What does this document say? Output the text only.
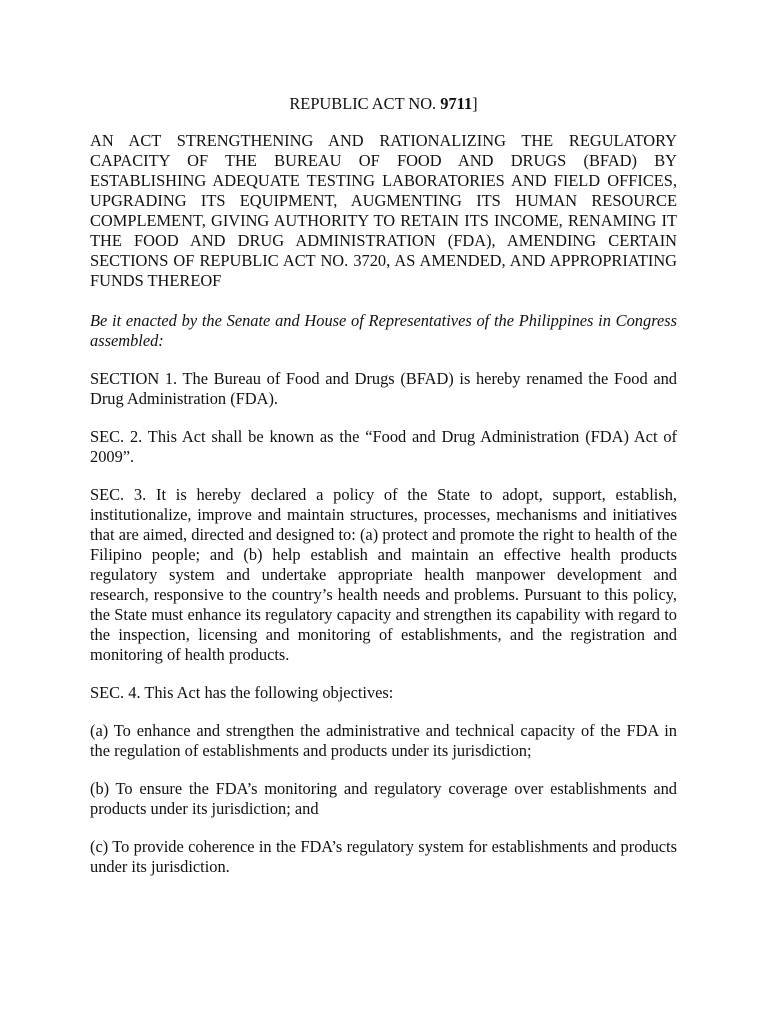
REPUBLIC ACT NO. 9711]

AN ACT STRENGTHENING AND RATIONALIZING THE REGULATORY CAPACITY OF THE BUREAU OF FOOD AND DRUGS (BFAD) BY ESTABLISHING ADEQUATE TESTING LABORATORIES AND FIELD OFFICES, UPGRADING ITS EQUIPMENT, AUGMENTING ITS HUMAN RESOURCE COMPLEMENT, GIVING AUTHORITY TO RETAIN ITS INCOME, RENAMING IT THE FOOD AND DRUG ADMINISTRATION (FDA), AMENDING CERTAIN SECTIONS OF REPUBLIC ACT NO. 3720, AS AMENDED, AND APPROPRIATING FUNDS THEREOF

Be it enacted by the Senate and House of Representatives of the Philippines in Congress assembled:

SECTION 1. The Bureau of Food and Drugs (BFAD) is hereby renamed the Food and Drug Administration (FDA).

SEC. 2. This Act shall be known as the “Food and Drug Administration (FDA) Act of 2009”.

SEC. 3. It is hereby declared a policy of the State to adopt, support, establish, institutionalize, improve and maintain structures, processes, mechanisms and initiatives that are aimed, directed and designed to: (a) protect and promote the right to health of the Filipino people; and (b) help establish and maintain an effective health products regulatory system and undertake appropriate health manpower development and research, responsive to the country’s health needs and problems. Pursuant to this policy, the State must enhance its regulatory capacity and strengthen its capability with regard to the inspection, licensing and monitoring of establishments, and the registration and monitoring of health products.

SEC. 4. This Act has the following objectives:

(a) To enhance and strengthen the administrative and technical capacity of the FDA in the regulation of establishments and products under its jurisdiction;

(b) To ensure the FDA’s monitoring and regulatory coverage over establishments and products under its jurisdiction; and

(c) To provide coherence in the FDA’s regulatory system for establishments and products under its jurisdiction.
